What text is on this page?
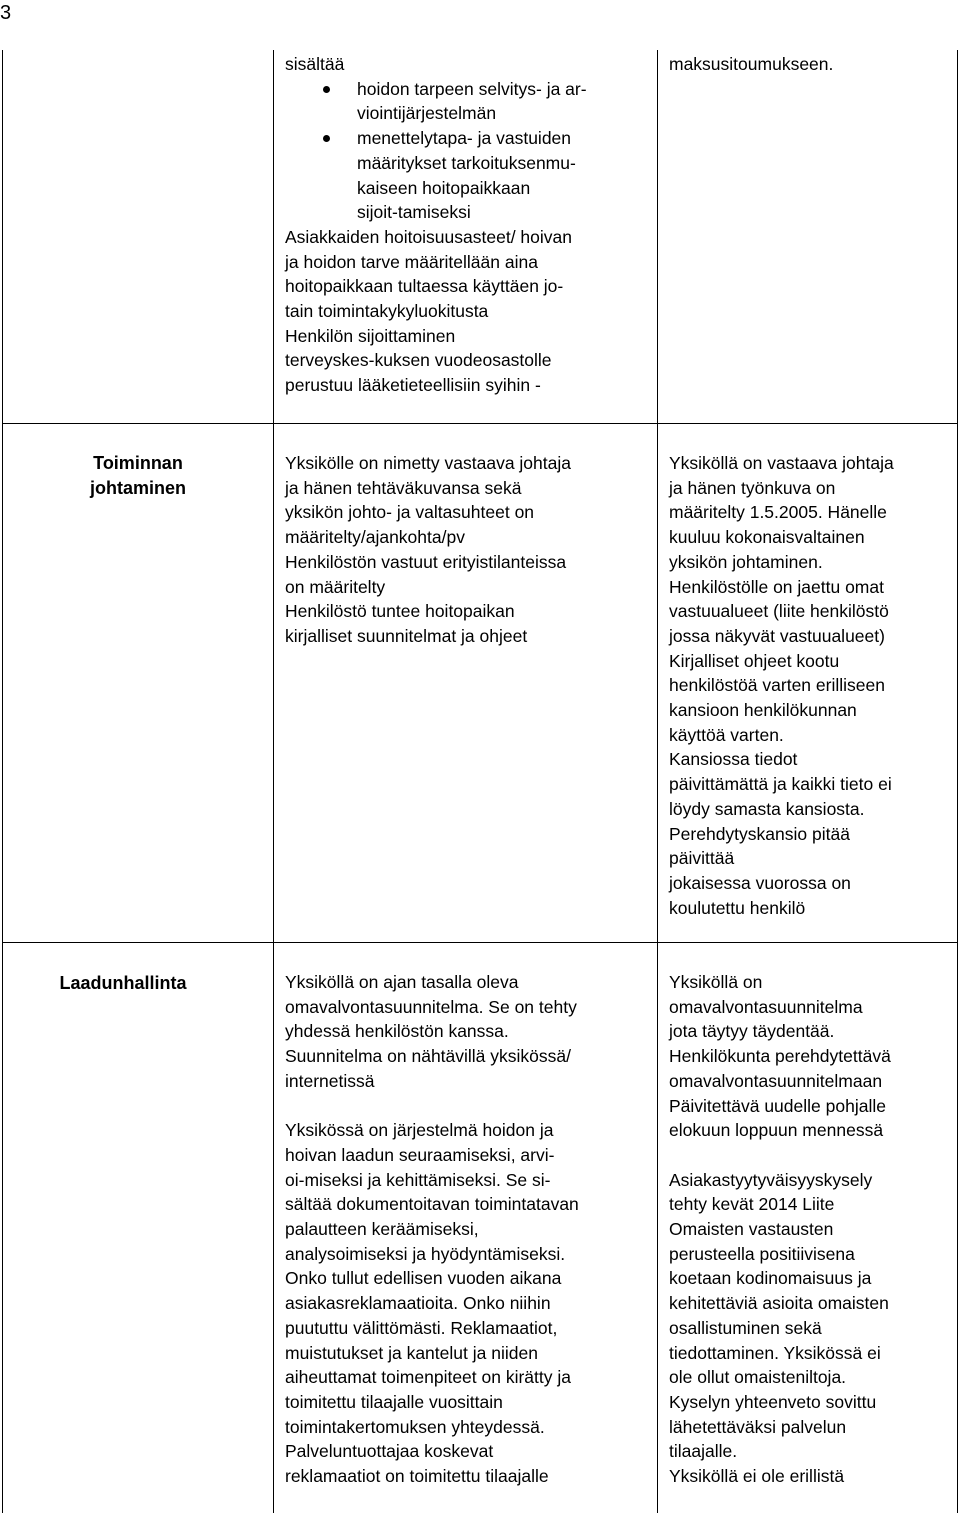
3
sisältää
hoidon tarpeen selvitys- ja ar-
viointijärjestelmän
menettelytapa- ja vastuiden
määritykset tarkoituksenmu-
kaiseen hoitopaikkaan
sijoit-tamiseksi
Asiakkaiden hoitoisuusasteet/ hoivan
ja hoidon tarve määritellään aina
hoitopaikkaan tultaessa käyttäen jo-
tain toimintakykyluokitusta
Henkilön sijoittaminen
terveyskes-kuksen vuodeosastolle
perustuu lääketieteellisiin syihin -
maksusitoumukseen.
Toiminnan
johtaminen
Yksikölle on nimetty vastaava johtaja
ja hänen tehtäväkuvansa sekä
yksikön johto- ja valtasuhteet on
määritelty/ajankohta/pv
Henkilöstön vastuut erityistilanteissa
on määritelty
Henkilöstö tuntee hoitopaikan
kirjalliset suunnitelmat ja ohjeet
Yksiköllä on vastaava johtaja
ja hänen työnkuva on
määritelty 1.5.2005. Hänelle
kuuluu kokonaisvaltainen
yksikön johtaminen.
Henkilöstölle on jaettu omat
vastuualueet (liite henkilöstö
jossa näkyvät vastuualueet)
Kirjalliset ohjeet kootu
henkilöstöä varten erilliseen
kansioon henkilökunnan
käyttöä varten.
Kansiossa tiedot
päivittämättä ja kaikki tieto ei
löydy samasta kansiosta.
Perehdytyskansio pitää
päivittää
jokaisessa vuorossa on
koulutettu henkilö
Laadunhallinta	Yksiköllä on ajan tasalla oleva
omavalvontasuunnitelma. Se on tehty
yhdessä henkilöstön kanssa.
Suunnitelma on nähtävillä yksikössä/
internetissä
Yksikössä on järjestelmä hoidon ja
hoivan laadun seuraamiseksi, arvi-
oi-miseksi ja kehittämiseksi. Se si-
sältää dokumentoitavan toimintatavan
palautteen keräämiseksi,
analysoimiseksi ja hyödyntämiseksi.
Onko tullut edellisen vuoden aikana
asiakasreklamaatioita. Onko niihin
puututtu välittömästi. Reklamaatiot,
muistutukset ja kantelut ja niiden
aiheuttamat toimenpiteet on kirätty ja
toimitettu tilaajalle vuosittain
toimintakertomuksen yhteydessä.
Palveluntuottajaa koskevat
reklamaatiot on toimitettu tilaajalle
Yksiköllä on
omavalvontasuunnitelma
jota täytyy täydentää.
Henkilökunta perehdytettävä
omavalvontasuunnitelmaan
Päivitettävä uudelle pohjalle
elokuun loppuun mennessä
Asiakastyytyväisyyskysely
tehty kevät 2014 Liite
Omaisten vastausten
perusteella positiivisena
koetaan kodinomaisuus ja
kehitettäviä asioita omaisten
osallistuminen sekä
tiedottaminen. Yksikössä ei
ole ollut omaisteniltoja.
Kyselyn yhteenveto sovittu
lähetettäväksi palvelun
tilaajalle.
Yksiköllä ei ole erillistä
